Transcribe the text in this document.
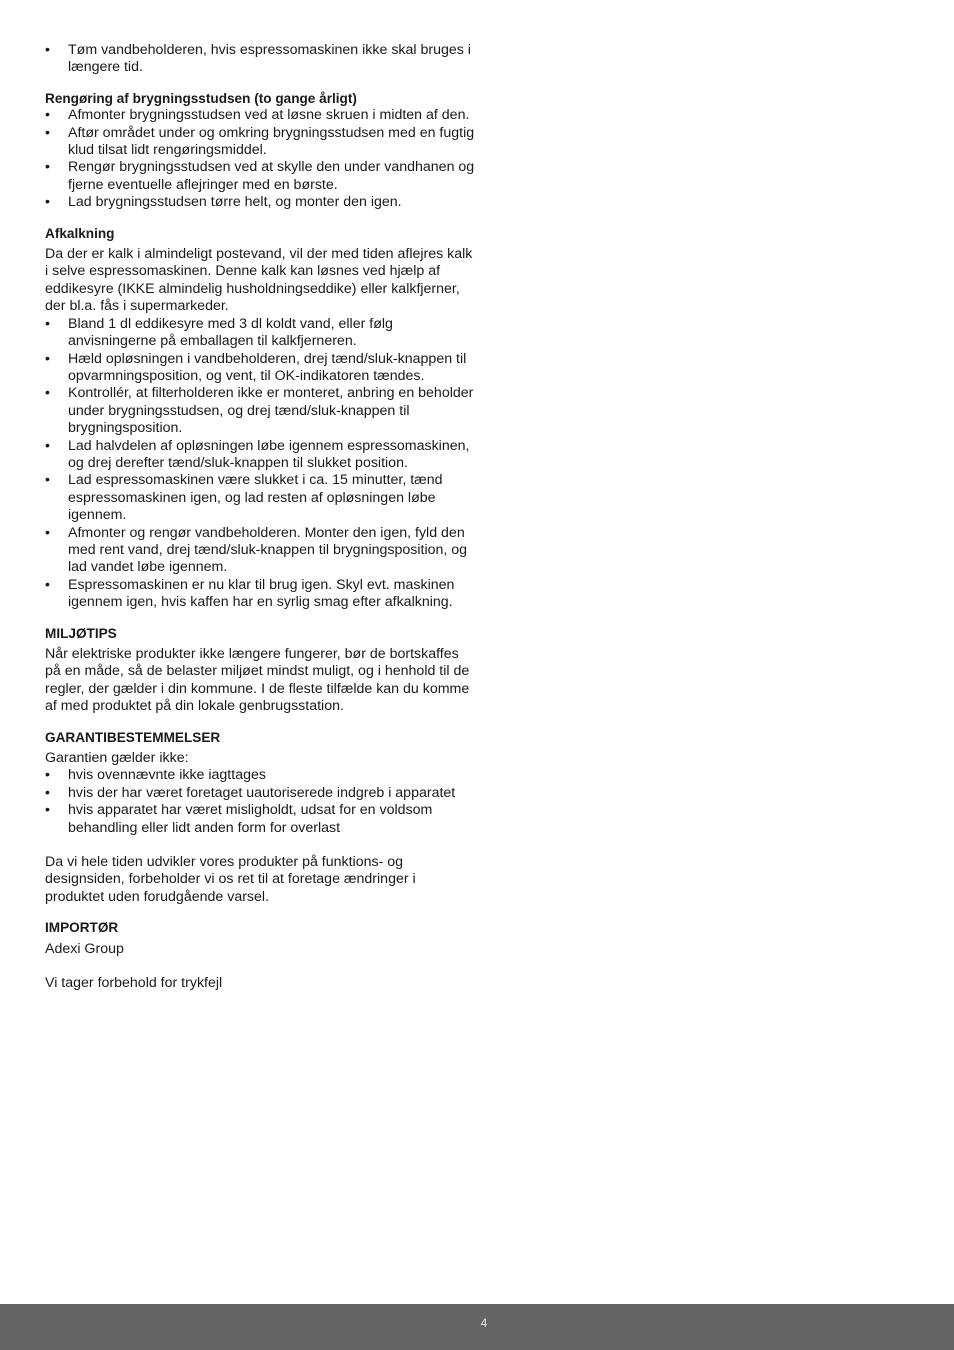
• Tøm vandbeholderen, hvis espressomaskinen ikke skal bruges i længere tid.
Rengøring af brygningsstudsen (to gange årligt)
• Afmonter brygningsstudsen ved at løsne skruen i midten af den.
• Aftør området under og omkring brygningsstudsen med en fugtig klud tilsat lidt rengøringsmiddel.
• Rengør brygningsstudsen ved at skylle den under vandhanen og fjerne eventuelle aflejringer med en børste.
• Lad brygningsstudsen tørre helt, og monter den igen.
Afkalkning

Da der er kalk i almindeligt postevand, vil der med tiden aflejres kalk i selve espressomaskinen. Denne kalk kan løsnes ved hjælp af eddikesyre (IKKE almindelig husholdningseddike) eller kalkfjerner, der bl.a. fås i supermarkeder.

• Bland 1 dl eddikesyre med 3 dl koldt vand, eller følg anvisningerne på emballagen til kalkfjerneren.
• Hæld opløsningen i vandbeholderen, drej tænd/sluk-knappen til opvarmningsposition, og vent, til OK-indikatoren tændes.
• Kontrollér, at filterholderen ikke er monteret, anbring en beholder under brygningsstudsen, og drej tænd/sluk-knappen til brygningsposition.
• Lad halvdelen af opløsningen løbe igennem espressomaskinen, og drej derefter tænd/sluk-knappen til slukket position.
• Lad espressomaskinen være slukket i ca. 15 minutter, tænd espressomaskinen igen, og lad resten af opløsningen løbe igennem.
• Afmonter og rengør vandbeholderen. Monter den igen, fyld den med rent vand, drej tænd/sluk-knappen til brygningsposition, og lad vandet løbe igennem.
• Espressomaskinen er nu klar til brug igen. Skyl evt. maskinen igennem igen, hvis kaffen har en syrlig smag efter afkalkning.
MILJØTIPS

Når elektriske produkter ikke længere fungerer, bør de bortskaffes på en måde, så de belaster miljøet mindst muligt, og i henhold til de regler, der gælder i din kommune. I de fleste tilfælde kan du komme af med produktet på din lokale genbrugsstation.

GARANTIBESTEMMELSER

Garantien gælder ikke:

• hvis ovennævnte ikke iagttages
• hvis der har været foretaget uautoriserede indgreb i apparatet
• hvis apparatet har været misligholdt, udsat for en voldsom behandling eller lidt anden form for overlast

Da vi hele tiden udvikler vores produkter på funktions- og designsiden, forbeholder vi os ret til at foretage ændringer i produktet uden forudgående varsel.

IMPORTØR

Adexi Group

Vi tager forbehold for trykfejl

4
